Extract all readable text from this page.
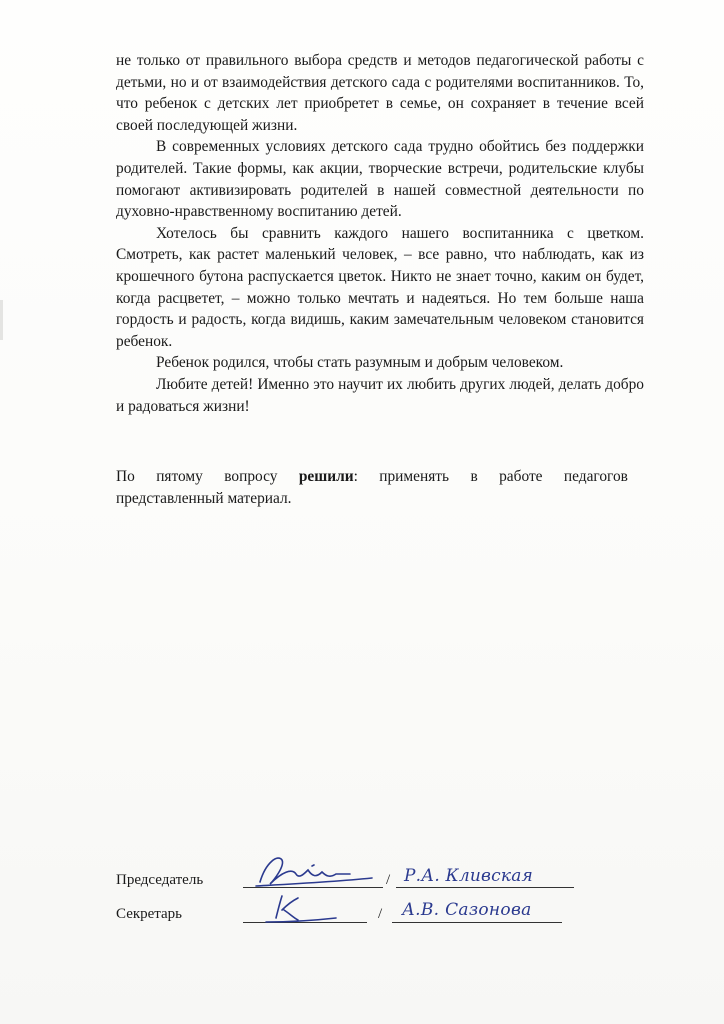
не только от правильного выбора средств и методов педагогической работы с детьми, но и от взаимодействия детского сада с родителями воспитанников. То, что ребенок с детских лет приобретет в семье, он сохраняет в течение всей своей последующей жизни.

В современных условиях детского сада трудно обойтись без поддержки родителей. Такие формы, как акции, творческие встречи, родительские клубы помогают активизировать родителей в нашей совместной деятельности по духовно-нравственному воспитанию детей.

Хотелось бы сравнить каждого нашего воспитанника с цветком. Смотреть, как растет маленький человек, – все равно, что наблюдать, как из крошечного бутона распускается цветок. Никто не знает точно, каким он будет, когда расцветет, – можно только мечтать и надеяться. Но тем больше наша гордость и радость, когда видишь, каким замечательным человеком становится ребенок.

Ребенок родился, чтобы стать разумным и добрым человеком.

Любите детей! Именно это научит их любить других людей, делать добро и радоваться жизни!

По пятому вопросу решили: применять в работе педагогов
представленный материал.
Председатель	/ Р.А. Кливская
Секретарь	/ А.В. Сазонова
